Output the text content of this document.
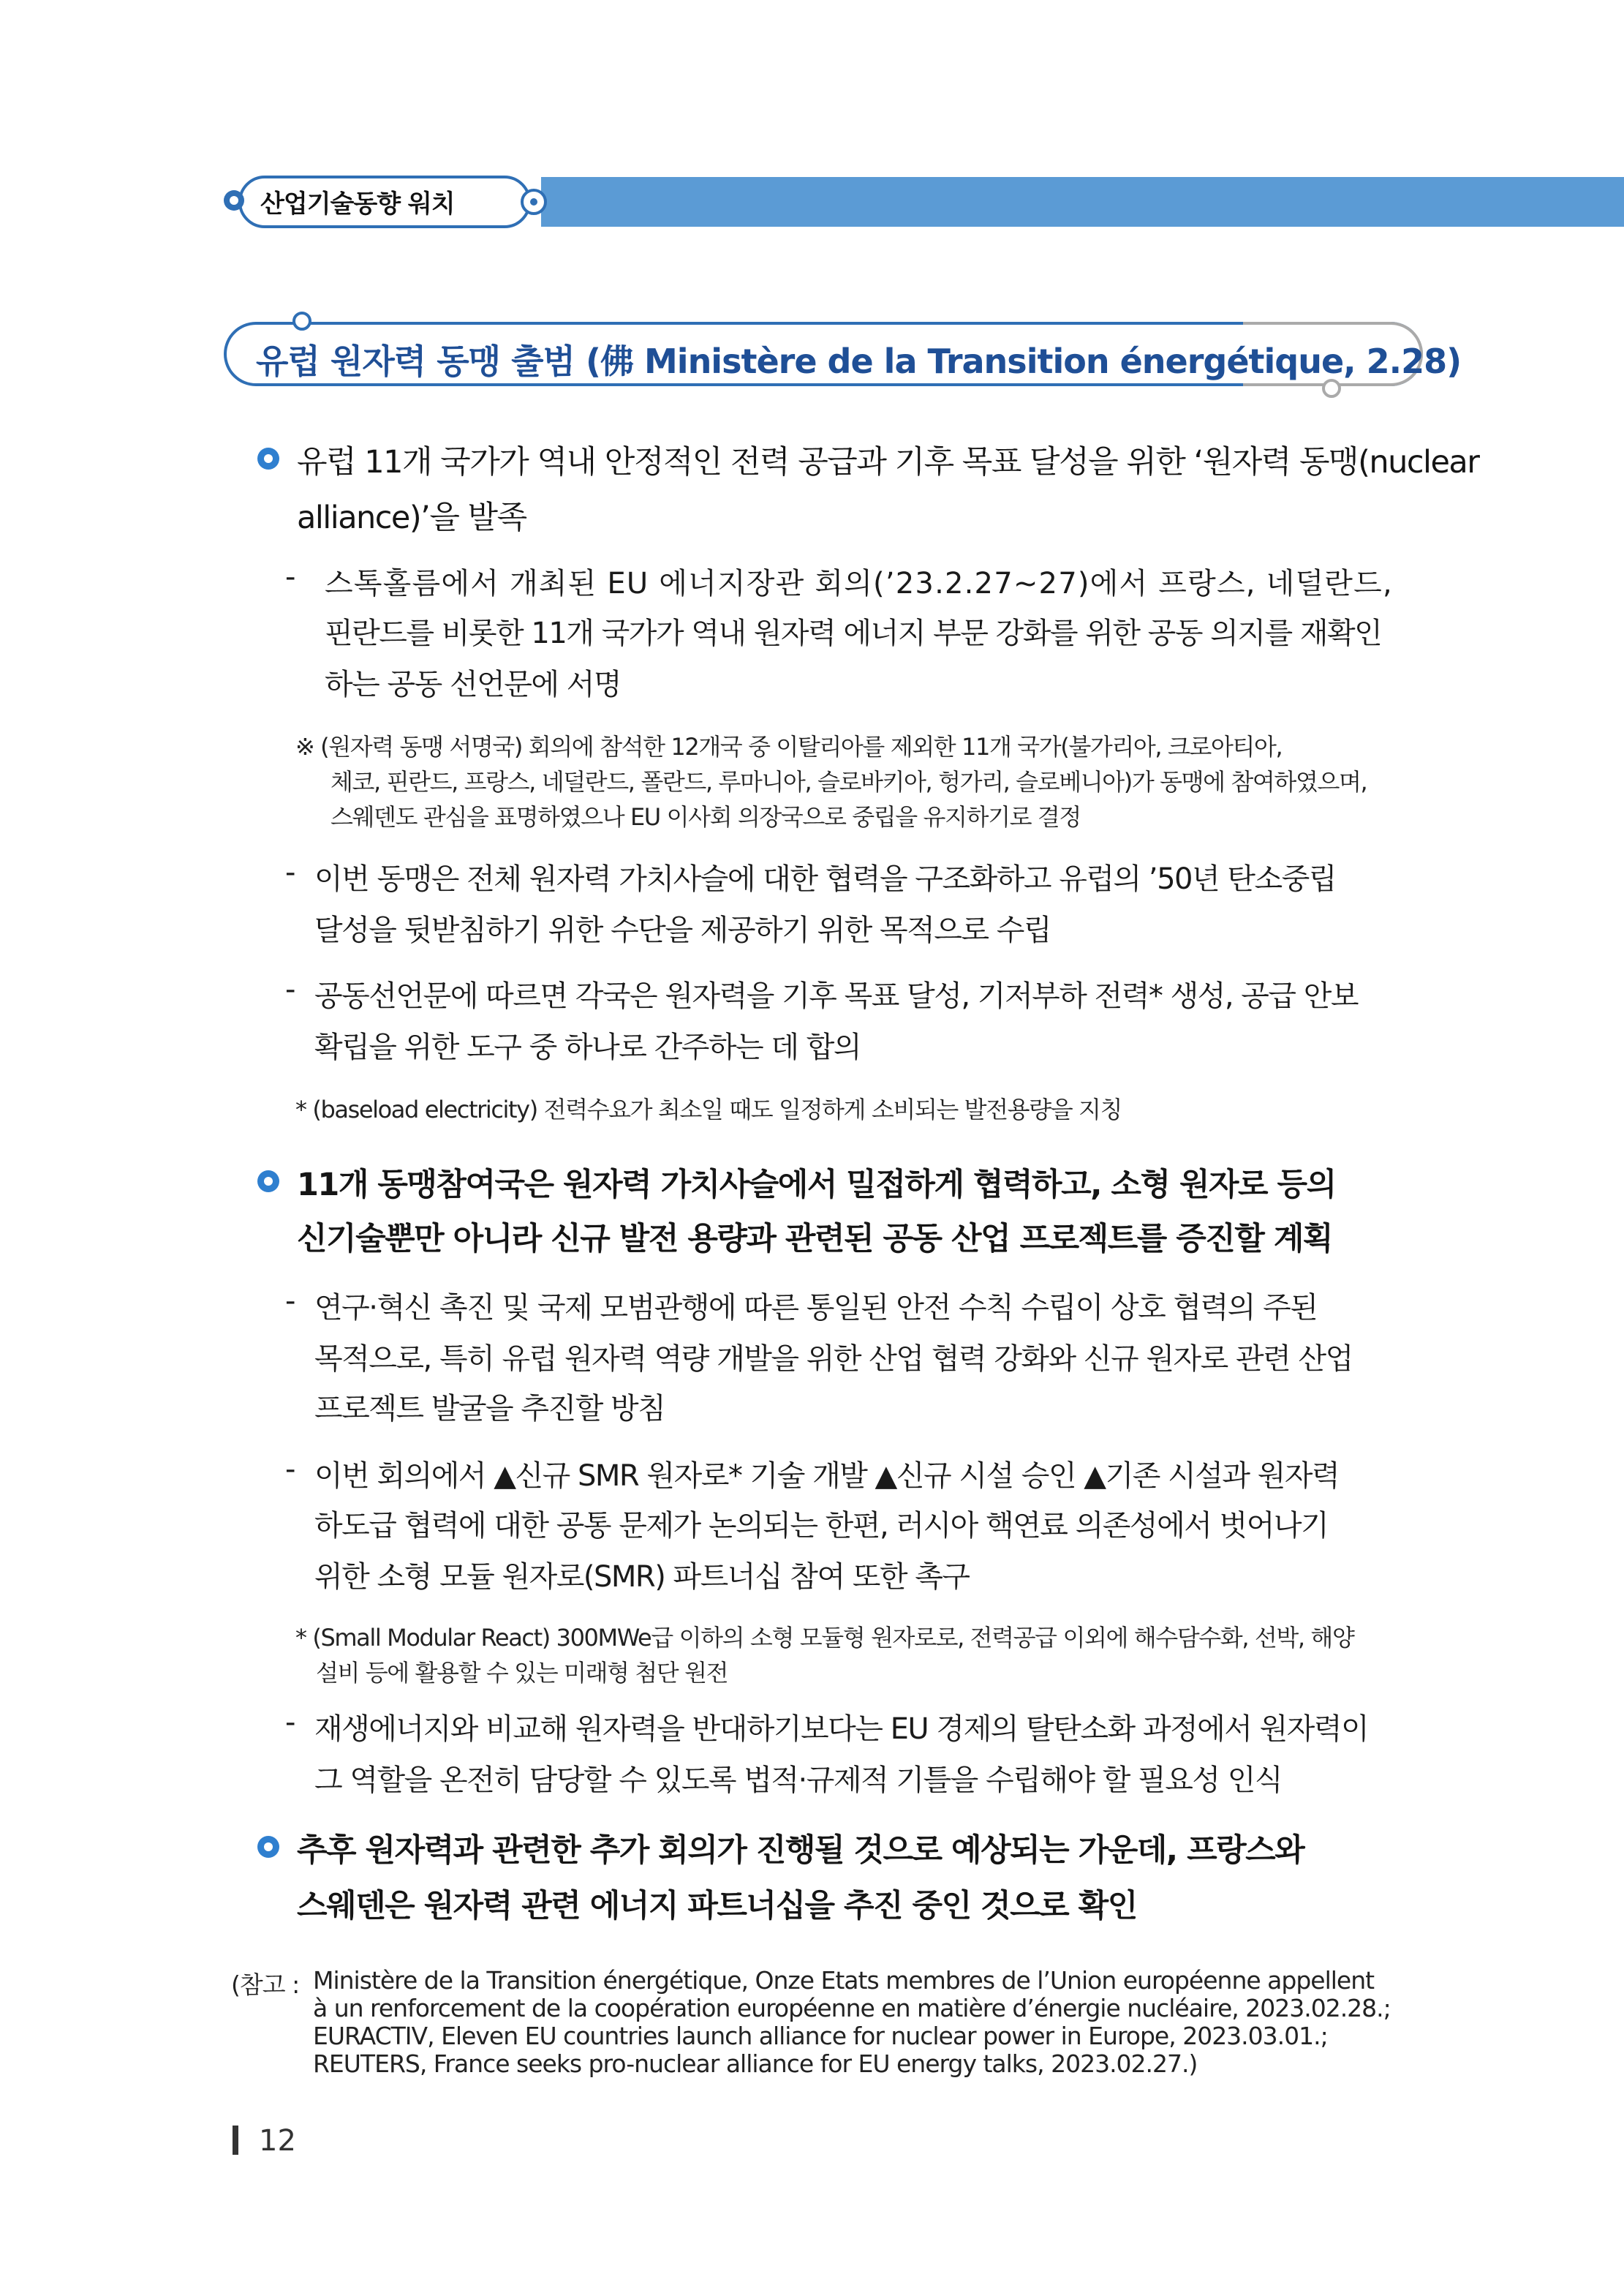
산업기술동향 워치
유럽 원자력 동맹 출범 (佛 Ministère de la Transition énergétique, 2.28)
유럽 11개 국가가 역내 안정적인 전력 공급과 기후 목표 달성을 위한 ‘원자력 동맹(nuclear
alliance)’을 발족
- 스톡홀름에서 개최된 EU 에너지장관 회의(’23.2.27~27)에서 프랑스, 네덜란드,
핀란드를 비롯한 11개 국가가 역내 원자력 에너지 부문 강화를 위한 공동 의지를 재확인
하는 공동 선언문에 서명
※ (원자력 동맹 서명국) 회의에 참석한 12개국 중 이탈리아를 제외한 11개 국가(불가리아, 크로아티아,
체코, 핀란드, 프랑스, 네덜란드, 폴란드, 루마니아, 슬로바키아, 헝가리, 슬로베니아)가 동맹에 참여하였으며,
스웨덴도 관심을 표명하였으나 EU 이사회 의장국으로 중립을 유지하기로 결정
- 이번 동맹은 전체 원자력 가치사슬에 대한 협력을 구조화하고 유럽의 ’50년 탄소중립
달성을 뒷받침하기 위한 수단을 제공하기 위한 목적으로 수립
- 공동선언문에 따르면 각국은 원자력을 기후 목표 달성, 기저부하 전력* 생성, 공급 안보
확립을 위한 도구 중 하나로 간주하는 데 합의
* (baseload electricity) 전력수요가 최소일 때도 일정하게 소비되는 발전용량을 지칭
11개 동맹참여국은 원자력 가치사슬에서 밀접하게 협력하고, 소형 원자로 등의
신기술뿐만 아니라 신규 발전 용량과 관련된 공동 산업 프로젝트를 증진할 계획
- 연구·혁신 촉진 및 국제 모범관행에 따른 통일된 안전 수칙 수립이 상호 협력의 주된
목적으로, 특히 유럽 원자력 역량 개발을 위한 산업 협력 강화와 신규 원자로 관련 산업
프로젝트 발굴을 추진할 방침
- 이번 회의에서 ▲신규 SMR 원자로* 기술 개발 ▲신규 시설 승인 ▲기존 시설과 원자력
하도급 협력에 대한 공통 문제가 논의되는 한편, 러시아 핵연료 의존성에서 벗어나기
위한 소형 모듈 원자로(SMR) 파트너십 참여 또한 촉구
* (Small Modular React) 300MWe급 이하의 소형 모듈형 원자로로, 전력공급 이외에 해수담수화, 선박, 해양
설비 등에 활용할 수 있는 미래형 첨단 원전
- 재생에너지와 비교해 원자력을 반대하기보다는 EU 경제의 탈탄소화 과정에서 원자력이
그 역할을 온전히 담당할 수 있도록 법적·규제적 기틀을 수립해야 할 필요성 인식
추후 원자력과 관련한 추가 회의가 진행될 것으로 예상되는 가운데, 프랑스와
스웨덴은 원자력 관련 에너지 파트너십을 추진 중인 것으로 확인
(참고 : Ministère de la Transition énergétique, Onze Etats membres de l’Union européenne appellent
à un renforcement de la coopération européenne en matière d’énergie nucléaire, 2023.02.28.;
EURACTIV, Eleven EU countries launch alliance for nuclear power in Europe, 2023.03.01.;
REUTERS, France seeks pro-nuclear alliance for EU energy talks, 2023.02.27.)
12
